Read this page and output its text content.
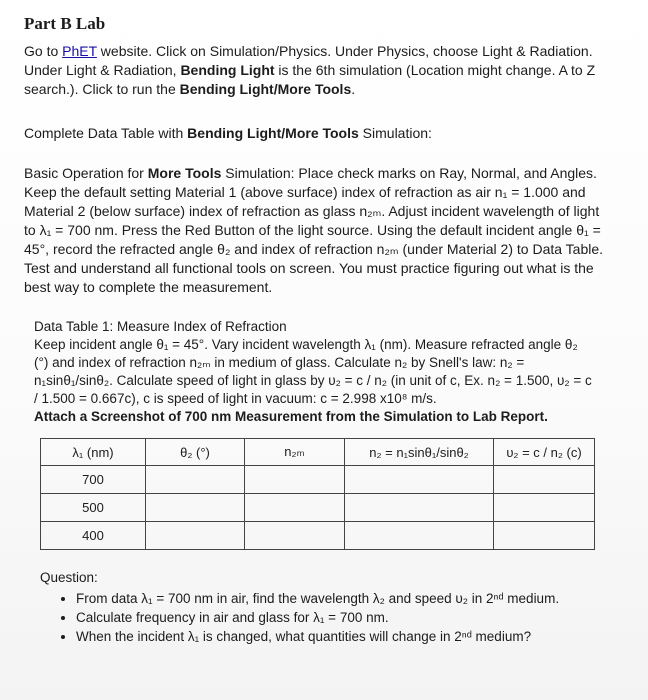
Part B Lab
Go to PhET website. Click on Simulation/Physics. Under Physics, choose Light & Radiation. Under Light & Radiation, Bending Light is the 6th simulation (Location might change. A to Z search.). Click to run the Bending Light/More Tools.
Complete Data Table with Bending Light/More Tools Simulation:
Basic Operation for More Tools Simulation: Place check marks on Ray, Normal, and Angles. Keep the default setting Material 1 (above surface) index of refraction as air n₁ = 1.000 and Material 2 (below surface) index of refraction as glass n₂ₘ. Adjust incident wavelength of light to λ₁ = 700 nm. Press the Red Button of the light source. Using the default incident angle θ₁ = 45°, record the refracted angle θ₂ and index of refraction n₂ₘ (under Material 2) to Data Table. Test and understand all functional tools on screen. You must practice figuring out what is the best way to complete the measurement.
Data Table 1: Measure Index of Refraction
Keep incident angle θ₁ = 45°. Vary incident wavelength λ₁ (nm). Measure refracted angle θ₂ (°) and index of refraction n₂ₘ in medium of glass. Calculate n₂ by Snell's law: n₂ = n₁sinθ₁/sinθ₂. Calculate speed of light in glass by υ₂ = c / n₂ (in unit of c, Ex. n₂ = 1.500, υ₂ = c / 1.500 = 0.667c), c is speed of light in vacuum: c = 2.998 x10⁸ m/s.
Attach a Screenshot of 700 nm Measurement from the Simulation to Lab Report.
λ₁ (nm)	θ₂ (°)	n₂ₘ	n₂ = n₁sinθ₁/sinθ₂	υ₂ = c / n₂ (c)
700				
500				
400				
Question:
• From data λ₁ = 700 nm in air, find the wavelength λ₂ and speed υ₂ in 2ⁿᵈ medium.
• Calculate frequency in air and glass for λ₁ = 700 nm.
• When the incident λ₁ is changed, what quantities will change in 2ⁿᵈ medium?
